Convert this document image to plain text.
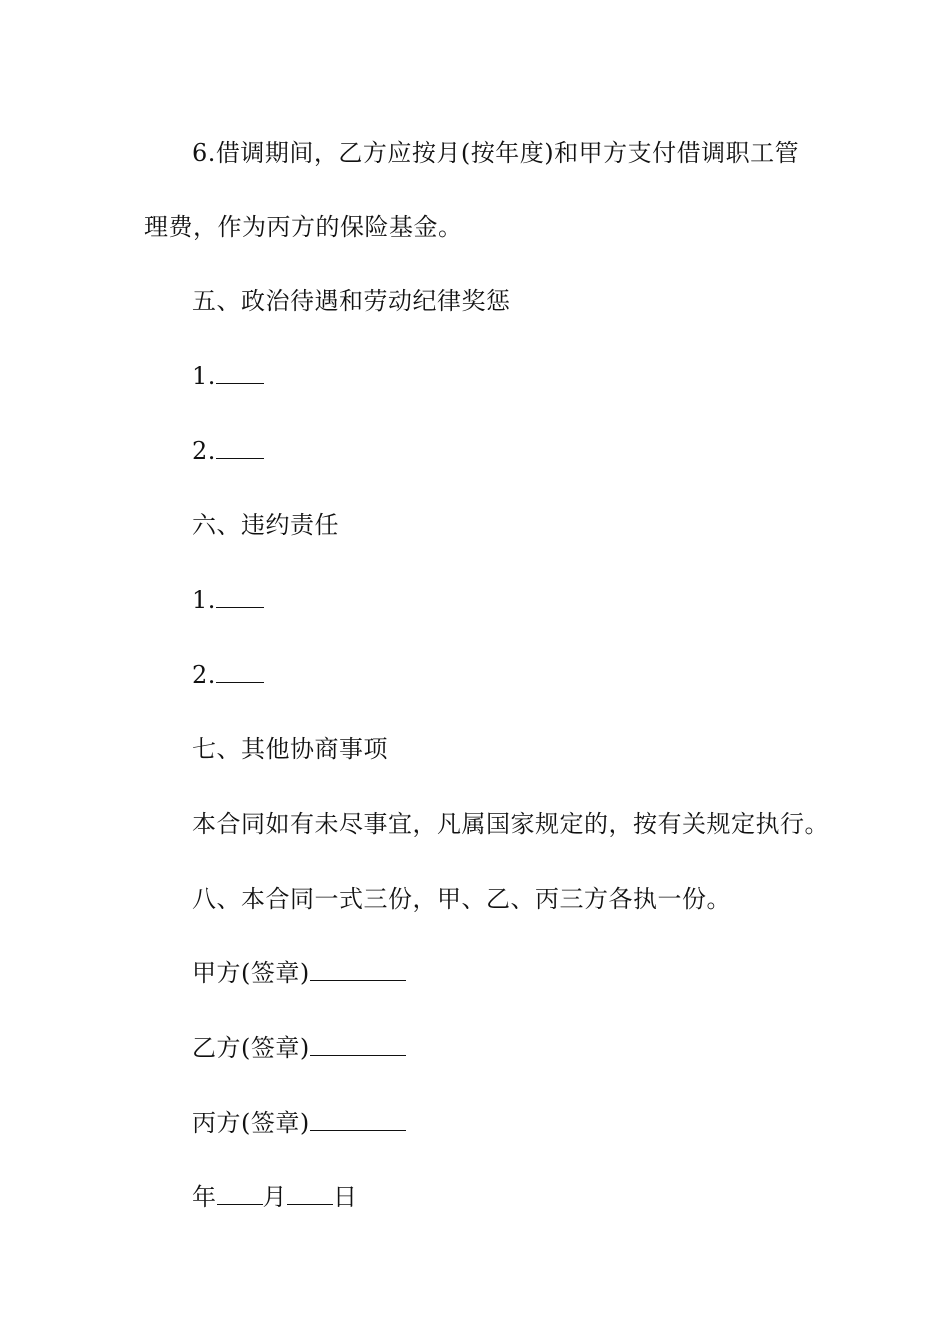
6.借调期间，乙方应按月(按年度)和甲方支付借调职工管
理费，作为丙方的保险基金。
五、政治待遇和劳动纪律奖惩
1.
2.
六、违约责任
1.
2.
七、其他协商事项
本合同如有未尽事宜，凡属国家规定的，按有关规定执行。
八、本合同一式三份，甲、乙、丙三方各执一份。
甲方(签章)
乙方(签章)
丙方(签章)
年 月 日
